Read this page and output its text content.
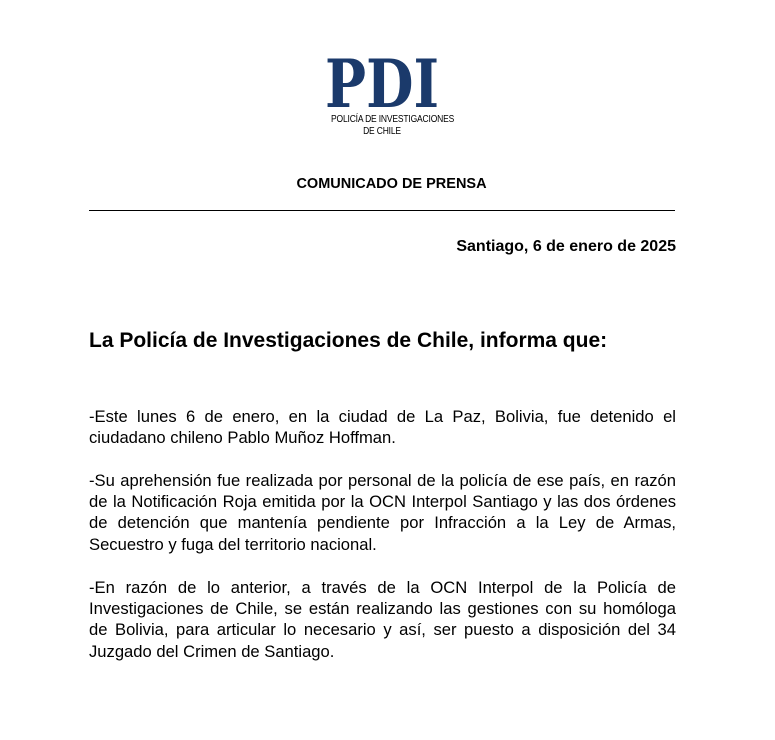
PDI
POLICÍA DE INVESTIGACIONES
DE CHILE
COMUNICADO DE PRENSA
Santiago, 6 de enero de 2025
La Policía de Investigaciones de Chile, informa que:

-Este lunes 6 de enero, en la ciudad de La Paz, Bolivia, fue detenido el ciudadano chileno Pablo Muñoz Hoffman.

-Su aprehensión fue realizada por personal de la policía de ese país, en razón de la Notificación Roja emitida por la OCN Interpol Santiago y las dos órdenes de detención que mantenía pendiente por Infracción a la Ley de Armas, Secuestro y fuga del territorio nacional.

-En razón de lo anterior, a través de la OCN Interpol de la Policía de Investigaciones de Chile, se están realizando las gestiones con su homóloga de Bolivia, para articular lo necesario y así, ser puesto a disposición del 34 Juzgado del Crimen de Santiago.
